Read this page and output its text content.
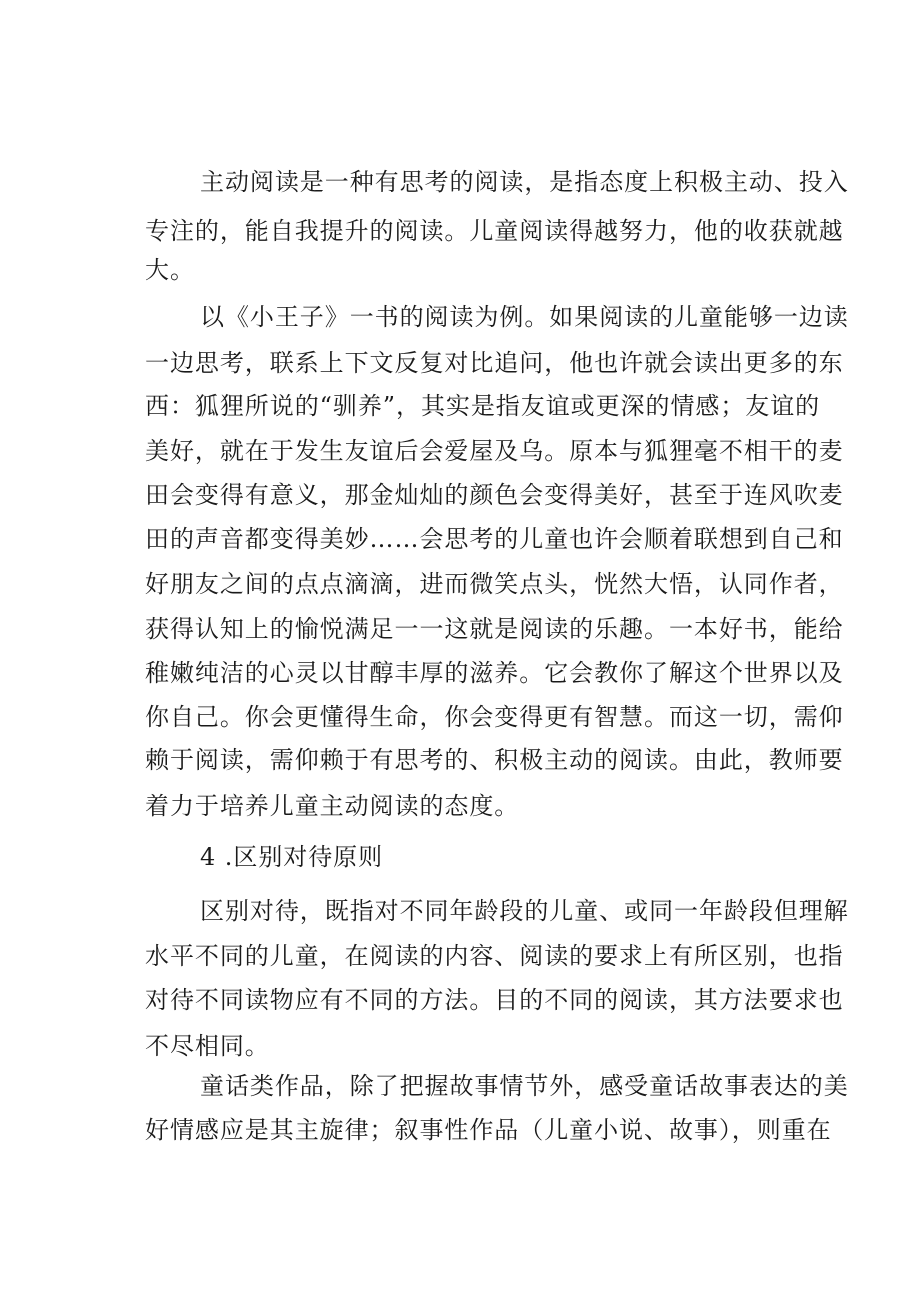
主动阅读是一种有思考的阅读，是指态度上积极主动、投入
专注的，能自我提升的阅读。儿童阅读得越努力，他的收获就越
大。
以《小王子》一书的阅读为例。如果阅读的儿童能够一边读
一边思考，联系上下文反复对比追问，他也许就会读出更多的东
西：狐狸所说的“驯养”，其实是指友谊或更深的情感；友谊的
美好，就在于发生友谊后会爱屋及乌。原本与狐狸毫不相干的麦
田会变得有意义，那金灿灿的颜色会变得美好，甚至于连风吹麦
田的声音都变得美妙……会思考的儿童也许会顺着联想到自己和
好朋友之间的点点滴滴，进而微笑点头，恍然大悟，认同作者，
获得认知上的愉悦满足一一这就是阅读的乐趣。一本好书，能给
稚嫩纯洁的心灵以甘醇丰厚的滋养。它会教你了解这个世界以及
你自己。你会更懂得生命，你会变得更有智慧。而这一切，需仰
赖于阅读，需仰赖于有思考的、积极主动的阅读。由此，教师要
着力于培养儿童主动阅读的态度。
4 .区别对待原则
区别对待，既指对不同年龄段的儿童、或同一年龄段但理解
水平不同的儿童，在阅读的内容、阅读的要求上有所区别，也指
对待不同读物应有不同的方法。目的不同的阅读，其方法要求也
不尽相同。
童话类作品，除了把握故事情节外，感受童话故事表达的美
好情感应是其主旋律；叙事性作品（儿童小说、故事），则重在
